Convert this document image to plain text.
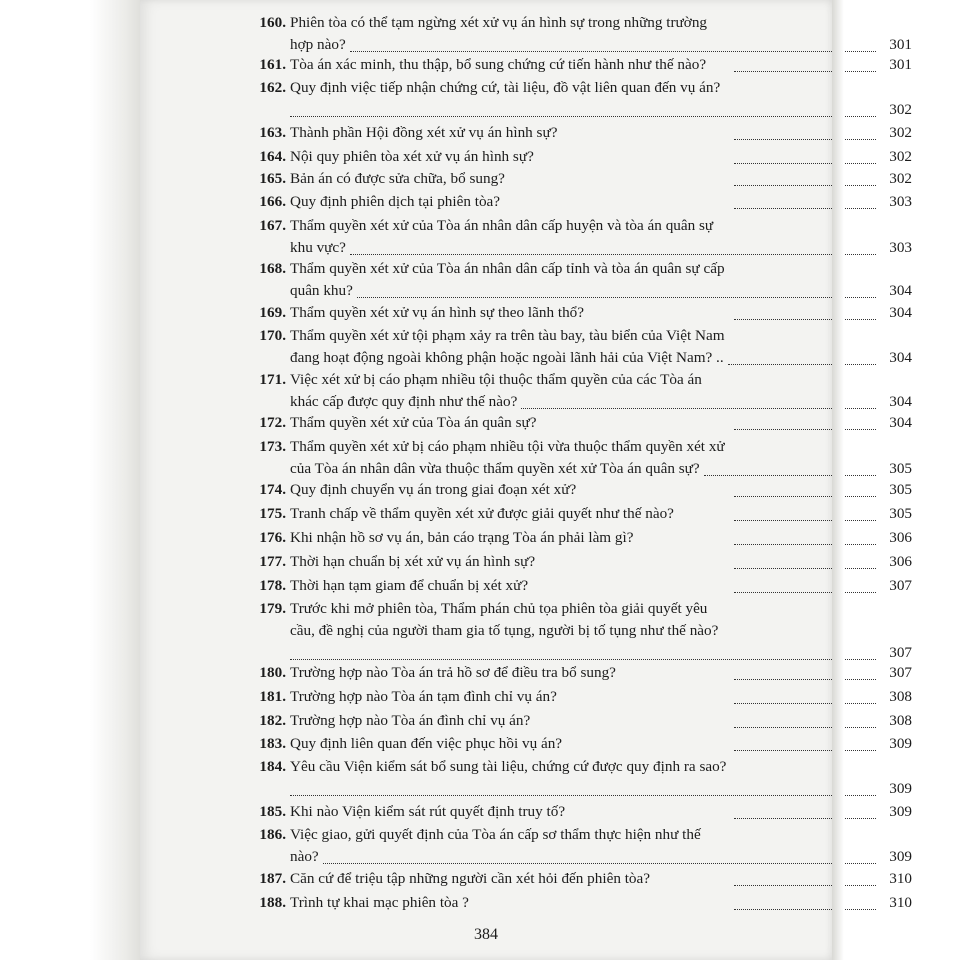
160. Phiên tòa có thể tạm ngừng xét xử vụ án hình sự trong những trường
hợp nào?	301
161. Tòa án xác minh, thu thập, bổ sung chứng cứ tiến hành như thế nào?	301
162. Quy định việc tiếp nhận chứng cứ, tài liệu, đồ vật liên quan đến vụ án?
302
163. Thành phần Hội đồng xét xử vụ án hình sự?	302
164. Nội quy phiên tòa xét xử vụ án hình sự?	302
165. Bản án có được sửa chữa, bổ sung?	302
166. Quy định phiên dịch tại phiên tòa?	303
167. Thẩm quyền xét xử của Tòa án nhân dân cấp huyện và tòa án quân sự
khu vực?	303
168. Thẩm quyền xét xử của Tòa án nhân dân cấp tỉnh và tòa án quân sự cấp
quân khu?	304
169. Thẩm quyền xét xử vụ án hình sự theo lãnh thổ?	304
170. Thẩm quyền xét xử tội phạm xảy ra trên tàu bay, tàu biển của Việt Nam
đang hoạt động ngoài không phận hoặc ngoài lãnh hải của Việt Nam? ..	304
171. Việc xét xử bị cáo phạm nhiều tội thuộc thẩm quyền của các Tòa án
khác cấp được quy định như thế nào?	304
172. Thẩm quyền xét xử của Tòa án quân sự?	304
173. Thẩm quyền xét xử bị cáo phạm nhiều tội vừa thuộc thẩm quyền xét xử
của Tòa án nhân dân vừa thuộc thẩm quyền xét xử Tòa án quân sự?	305
174. Quy định chuyển vụ án trong giai đoạn xét xử?	305
175. Tranh chấp về thẩm quyền xét xử được giải quyết như thế nào?	305
176. Khi nhận hồ sơ vụ án, bản cáo trạng Tòa án phải làm gì?	306
177. Thời hạn chuẩn bị xét xử vụ án hình sự?	306
178. Thời hạn tạm giam để chuẩn bị xét xử?	307
179. Trước khi mở phiên tòa, Thẩm phán chủ tọa phiên tòa giải quyết yêu
cầu, đề nghị của người tham gia tố tụng, người bị tố tụng như thế nào?
307
180. Trường hợp nào Tòa án trả hồ sơ để điều tra bổ sung?	307
181. Trường hợp nào Tòa án tạm đình chỉ vụ án?	308
182. Trường hợp nào Tòa án đình chỉ vụ án?	308
183. Quy định liên quan đến việc phục hồi vụ án?	309
184. Yêu cầu Viện kiểm sát bổ sung tài liệu, chứng cứ được quy định ra sao?
309
185. Khi nào Viện kiểm sát rút quyết định truy tố?	309
186. Việc giao, gửi quyết định của Tòa án cấp sơ thẩm thực hiện như thế
nào?	309
187. Căn cứ để triệu tập những người cần xét hỏi đến phiên tòa?	310
188. Trình tự khai mạc phiên tòa ?	310
384
